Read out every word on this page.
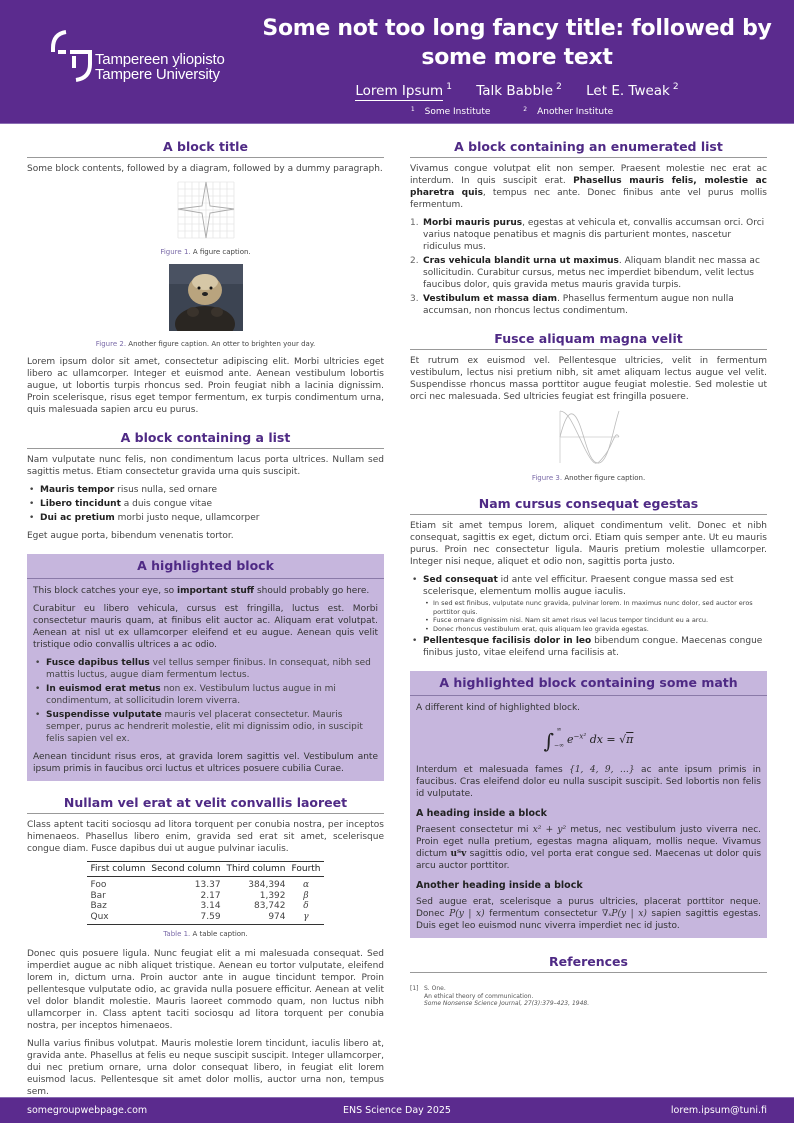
Tampereen yliopisto
Tampere University
Some not too long fancy title: followed by some more text
Lorem Ipsum $^1$ Talk Babble $^2$ Let E. Tweak $^2$
$^1$ Some Institute	$^2$ Another Institute
A block title

Some block contents, followed by a diagram, followed by a dummy paragraph.

Figure 1. A figure caption.
Figure 2. Another figure caption. An otter to brighten your day.

Lorem ipsum dolor sit amet, consectetur adipiscing elit. Morbi ultricies eget libero ac ullamcorper. Integer et euismod ante. Aenean vestibulum lobortis augue, ut lobortis turpis rhoncus sed. Proin feugiat nibh a lacinia dignissim. Proin scelerisque, risus eget tempor fermentum, ex turpis condimentum urna, quis malesuada sapien arcu eu purus.

A block containing a list

Nam vulputate nunc felis, non condimentum lacus porta ultrices. Nullam sed sagittis metus. Etiam consectetur gravida urna quis suscipit.

• Mauris tempor risus nulla, sed ornare
• Libero tincidunt a duis congue vitae
• Dui ac pretium morbi justo neque, ullamcorper

Eget augue porta, bibendum venenatis tortor.

A highlighted block

This block catches your eye, so important stuff should probably go here.

Curabitur eu libero vehicula, cursus est fringilla, luctus est. Morbi consectetur mauris quam, at finibus elit auctor ac. Aliquam erat volutpat. Aenean at nisl ut ex ullamcorper eleifend et eu augue. Aenean quis velit tristique odio convallis ultrices a ac odio.

• Fusce dapibus tellus vel tellus semper finibus. In consequat, nibh sed mattis luctus, augue diam fermentum lectus.
• In euismod erat metus non ex. Vestibulum luctus augue in mi condimentum, at sollicitudin lorem viverra.
• Suspendisse vulputate mauris vel placerat consectetur. Mauris semper, purus ac hendrerit molestie, elit mi dignissim odio, in suscipit felis sapien vel ex.

Aenean tincidunt risus eros, at gravida lorem sagittis vel. Vestibulum ante ipsum primis in faucibus orci luctus et ultrices posuere cubilia Curae.

Nullam vel erat at velit convallis laoreet

Class aptent taciti sociosqu ad litora torquent per conubia nostra, per inceptos himenaeos. Phasellus libero enim, gravida sed erat sit amet, scelerisque congue diam. Fusce dapibus dui ut augue pulvinar iaculis.

First column	Second column	Third column	Fourth
Foo	13.37	384,394	α
Bar	2.17	1,392	β
Baz	3.14	83,742	δ
Qux	7.59	974	γ
Table 1. A table caption.

Donec quis posuere ligula. Nunc feugiat elit a mi malesuada consequat. Sed imperdiet augue ac nibh aliquet tristique. Aenean eu tortor vulputate, eleifend lorem in, dictum urna. Proin auctor ante in augue tincidunt tempor. Proin pellentesque vulputate odio, ac gravida nulla posuere efficitur. Aenean at velit vel dolor blandit molestie. Mauris laoreet commodo quam, non luctus nibh ullamcorper in. Class aptent taciti sociosqu ad litora torquent per conubia nostra, per inceptos himenaeos.

Nulla varius finibus volutpat. Mauris molestie lorem tincidunt, iaculis libero at, gravida ante. Phasellus at felis eu neque suscipit suscipit. Integer ullamcorper, dui nec pretium ornare, urna dolor consequat libero, in feugiat elit lorem euismod lacus. Pellentesque sit amet dolor mollis, auctor urna non, tempus sem.

A block containing an enumerated list

Vivamus congue volutpat elit non semper. Praesent molestie nec erat ac interdum. In quis suscipit erat. Phasellus mauris felis, molestie ac pharetra quis, tempus nec ante. Donec finibus ante vel purus mollis fermentum.

1. Morbi mauris purus, egestas at vehicula et, convallis accumsan orci. Orci varius natoque penatibus et magnis dis parturient montes, nascetur ridiculus mus.
2. Cras vehicula blandit urna ut maximus. Aliquam blandit nec massa ac sollicitudin. Curabitur cursus, metus nec imperdiet bibendum, velit lectus faucibus dolor, quis gravida metus mauris gravida turpis.
3. Vestibulum et massa diam. Phasellus fermentum augue non nulla accumsan, non rhoncus lectus condimentum.
Fusce aliquam magna velit

Et rutrum ex euismod vel. Pellentesque ultricies, velit in fermentum vestibulum, lectus nisi pretium nibh, sit amet aliquam lectus augue vel velit. Suspendisse rhoncus massa porttitor augue feugiat molestie. Sed molestie ut orci nec malesuada. Sed ultricies feugiat est fringilla posuere.

Figure 3. Another figure caption.
Nam cursus consequat egestas

Etiam sit amet tempus lorem, aliquet condimentum velit. Donec et nibh consequat, sagittis ex eget, dictum orci. Etiam quis semper ante. Ut eu mauris purus. Proin nec consectetur ligula. Mauris pretium molestie ullamcorper. Integer nisi neque, aliquet et odio non, sagittis porta justo.

• Sed consequat id ante vel efficitur. Praesent congue massa sed est scelerisque, elementum mollis augue iaculis.
• In sed est finibus, vulputate nunc gravida, pulvinar lorem. In maximus nunc dolor, sed auctor eros porttitor quis.
• Fusce ornare dignissim nisi. Nam sit amet risus vel lacus tempor tincidunt eu a arcu.
• Donec rhoncus vestibulum erat, quis aliquam leo gravida egestas.
• Pellentesque facilisis dolor in leo bibendum congue. Maecenas congue finibus justo, vitae eleifend urna facilisis at.
A highlighted block containing some math

A different kind of highlighted block.

∫ ∞
−∞ $e^{-x^2}$ dx = √π

Interdum et malesuada fames {1, 4, 9, …} ac ante ipsum primis in faucibus. Cras eleifend dolor eu nulla suscipit suscipit. Sed lobortis non felis id vulputate.

A heading inside a block

Praesent consectetur mi x² + y² metus, nec vestibulum justo viverra nec. Proin eget nulla pretium, egestas magna aliquam, mollis neque. Vivamus dictum uᵀv sagittis odio, vel porta erat congue sed. Maecenas ut dolor quis arcu auctor porttitor.

Another heading inside a block

Sed augue erat, scelerisque a purus ultricies, placerat porttitor neque. Donec P(y | x) fermentum consectetur ∇ₓP(y | x) sapien sagittis egestas. Duis eget leo euismod nunc viverra imperdiet nec id justo.

References
[1] S. One.
An ethical theory of communication.
Some Nonsense Science Journal, 27(3):379–423, 1948.
somegroupwebpage.com	ENS Science Day 2025	lorem.ipsum@tuni.fi
